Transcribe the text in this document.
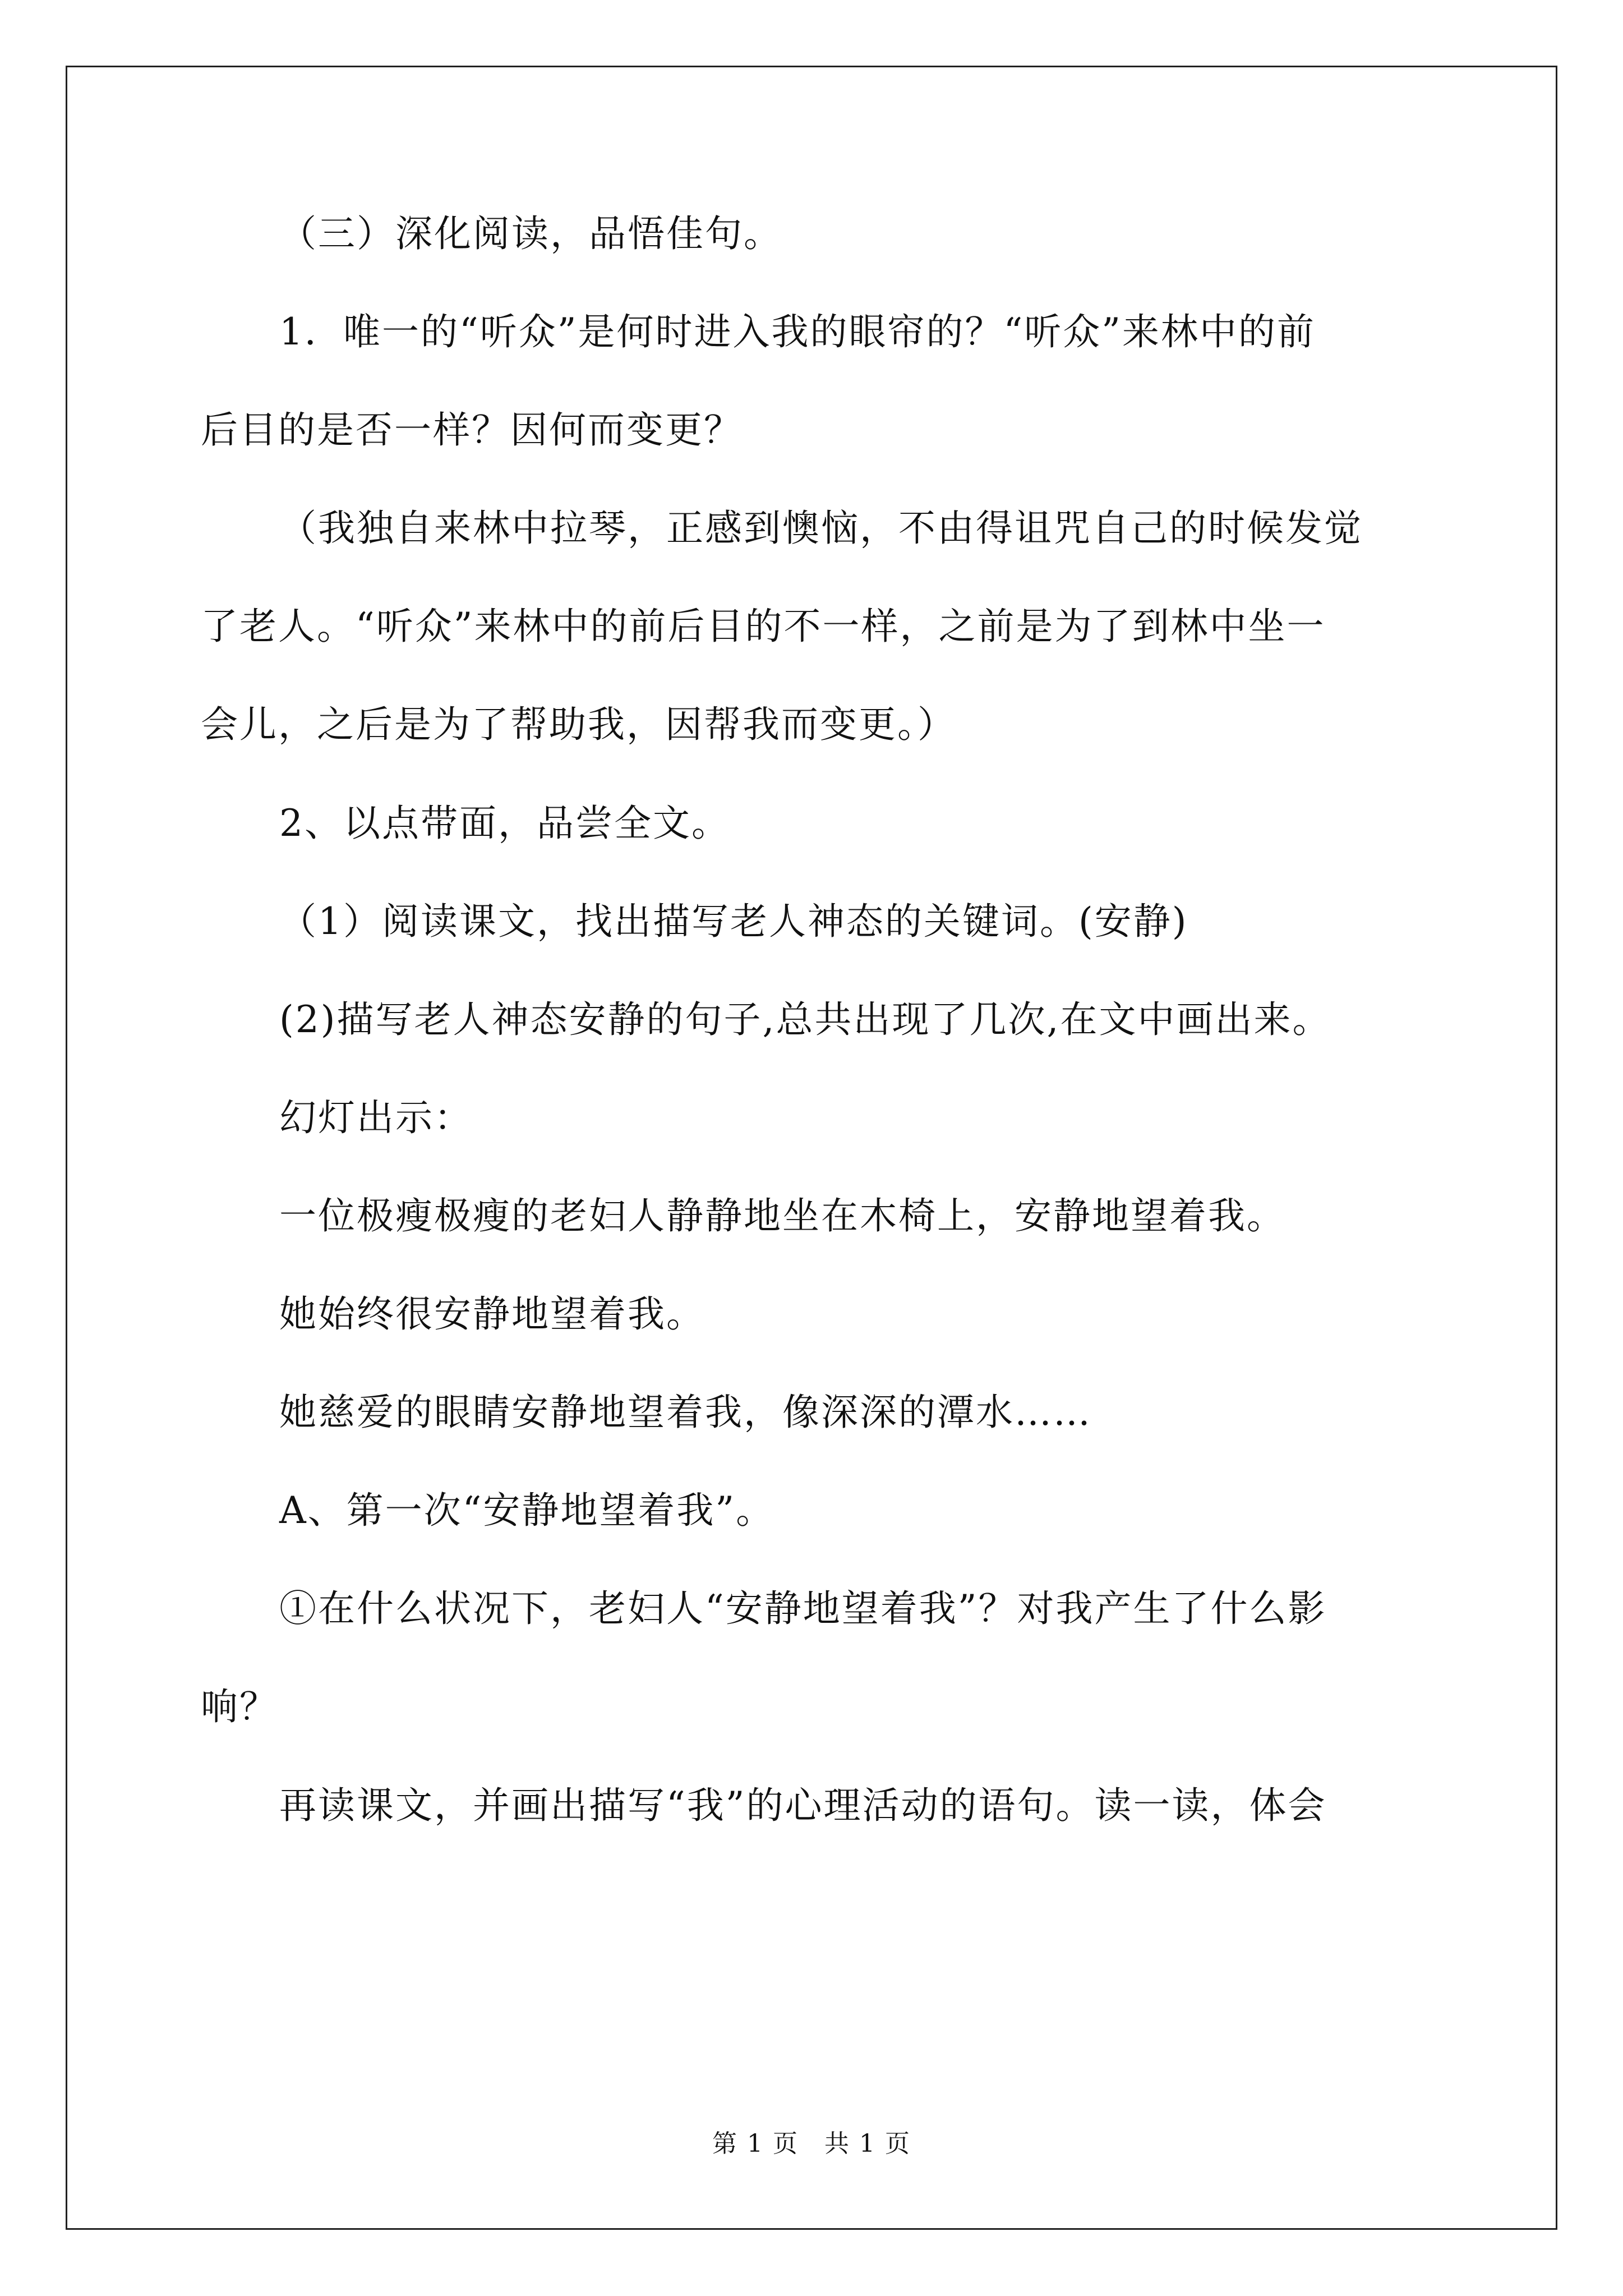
（三）深化阅读，品悟佳句。
1．唯一的“听众”是何时进入我的眼帘的？“听众”来林中的前
后目的是否一样？因何而变更？
（我独自来林中拉琴，正感到懊恼，不由得诅咒自己的时候发觉
了老人。“听众”来林中的前后目的不一样，之前是为了到林中坐一
会儿，之后是为了帮助我，因帮我而变更。）
2、以点带面，品尝全文。
（1）阅读课文，找出描写老人神态的关键词。(安静)
(2)描写老人神态安静的句子,总共出现了几次,在文中画出来。
幻灯出示：
一位极瘦极瘦的老妇人静静地坐在木椅上，安静地望着我。
她始终很安静地望着我。
她慈爱的眼睛安静地望着我，像深深的潭水……
A、第一次“安静地望着我”。
①在什么状况下，老妇人“安静地望着我”？对我产生了什么影
响？
再读课文，并画出描写“我”的心理活动的语句。读一读，体会
第 1 页　共 1 页
